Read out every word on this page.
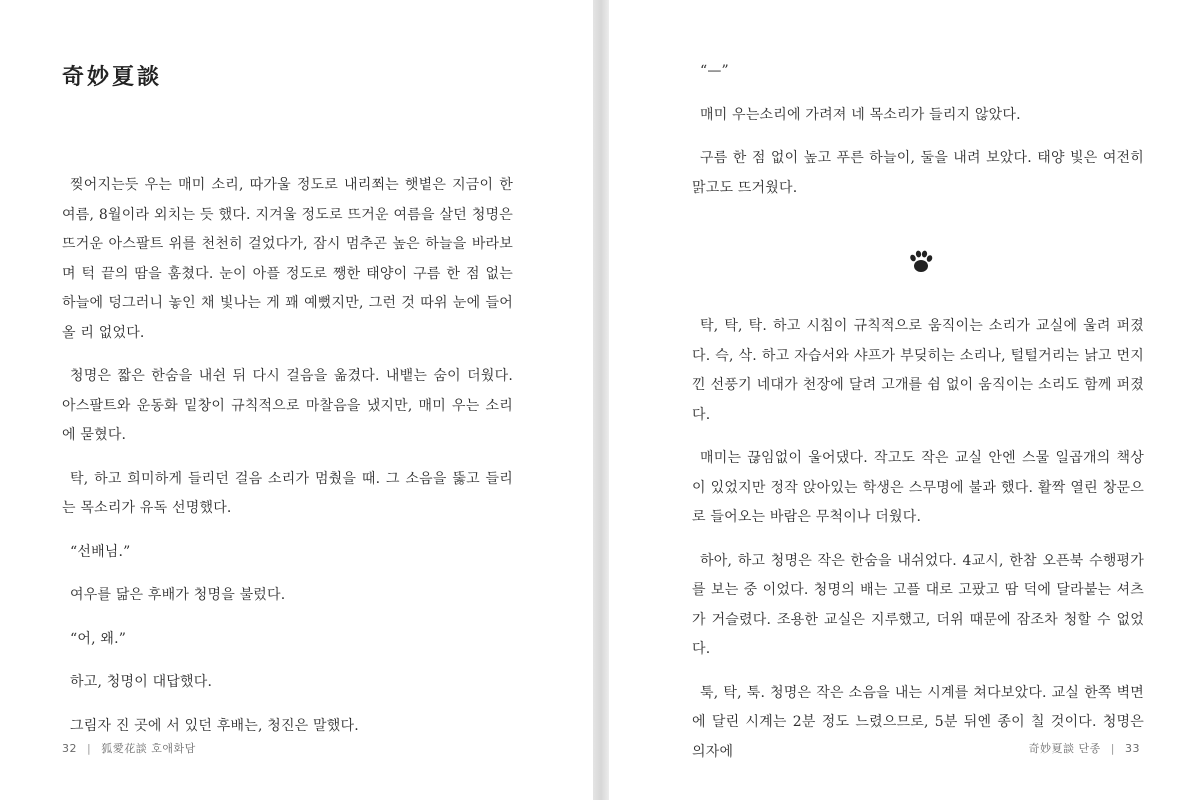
奇妙夏談

찢어지는듯 우는 매미 소리, 따가울 정도로 내리쬐는 햇볕은 지금이 한여름, 8월이라 외치는 듯 했다. 지겨울 정도로 뜨거운 여름을 살던 청명은 뜨거운 아스팔트 위를 천천히 걸었다가, 잠시 멈추곤 높은 하늘을 바라보며 턱 끝의 땀을 훔쳤다. 눈이 아플 정도로 쨍한 태양이 구름 한 점 없는 하늘에 덩그러니 놓인 채 빛나는 게 꽤 예뻤지만, 그런 것 따위 눈에 들어올 리 없었다.

청명은 짧은 한숨을 내쉰 뒤 다시 걸음을 옮겼다. 내뱉는 숨이 더웠다. 아스팔트와 운동화 밑창이 규칙적으로 마찰음을 냈지만, 매미 우는 소리에 묻혔다.

탁, 하고 희미하게 들리던 걸음 소리가 멈췄을 때. 그 소음을 뚫고 들리는 목소리가 유독 선명했다.

“선배님.”

여우를 닮은 후배가 청명을 불렀다.

“어, 왜.”

하고, 청명이 대답했다.

그림자 진 곳에 서 있던 후배는, 청진은 말했다.

32 | 狐愛花談 호애화담

“—”

매미 우는소리에 가려져 네 목소리가 들리지 않았다.

구름 한 점 없이 높고 푸른 하늘이, 둘을 내려 보았다. 태양 빛은 여전히 맑고도 뜨거웠다.

탁, 탁, 탁. 하고 시침이 규칙적으로 움직이는 소리가 교실에 울려 퍼졌다. 슥, 삭. 하고 자습서와 샤프가 부딪히는 소리나, 털털거리는 낡고 먼지 낀 선풍기 네대가 천장에 달려 고개를 쉼 없이 움직이는 소리도 함께 퍼졌다.

매미는 끊임없이 울어댔다. 작고도 작은 교실 안엔 스물 일곱개의 책상이 있었지만 정작 앉아있는 학생은 스무명에 불과 했다. 활짝 열린 창문으로 들어오는 바람은 무척이나 더웠다.

하아, 하고 청명은 작은 한숨을 내쉬었다. 4교시, 한참 오픈북 수행평가를 보는 중 이었다. 청명의 배는 고플 대로 고팠고 땀 덕에 달라붙는 셔츠가 거슬렸다. 조용한 교실은 지루했고, 더위 때문에 잠조차 청할 수 없었다.

툭, 탁, 툭. 청명은 작은 소음을 내는 시계를 쳐다보았다. 교실 한쪽 벽면에 달린 시계는 2분 정도 느렸으므로, 5분 뒤엔 종이 칠 것이다. 청명은 의자에	奇妙夏談 단종 | 33
